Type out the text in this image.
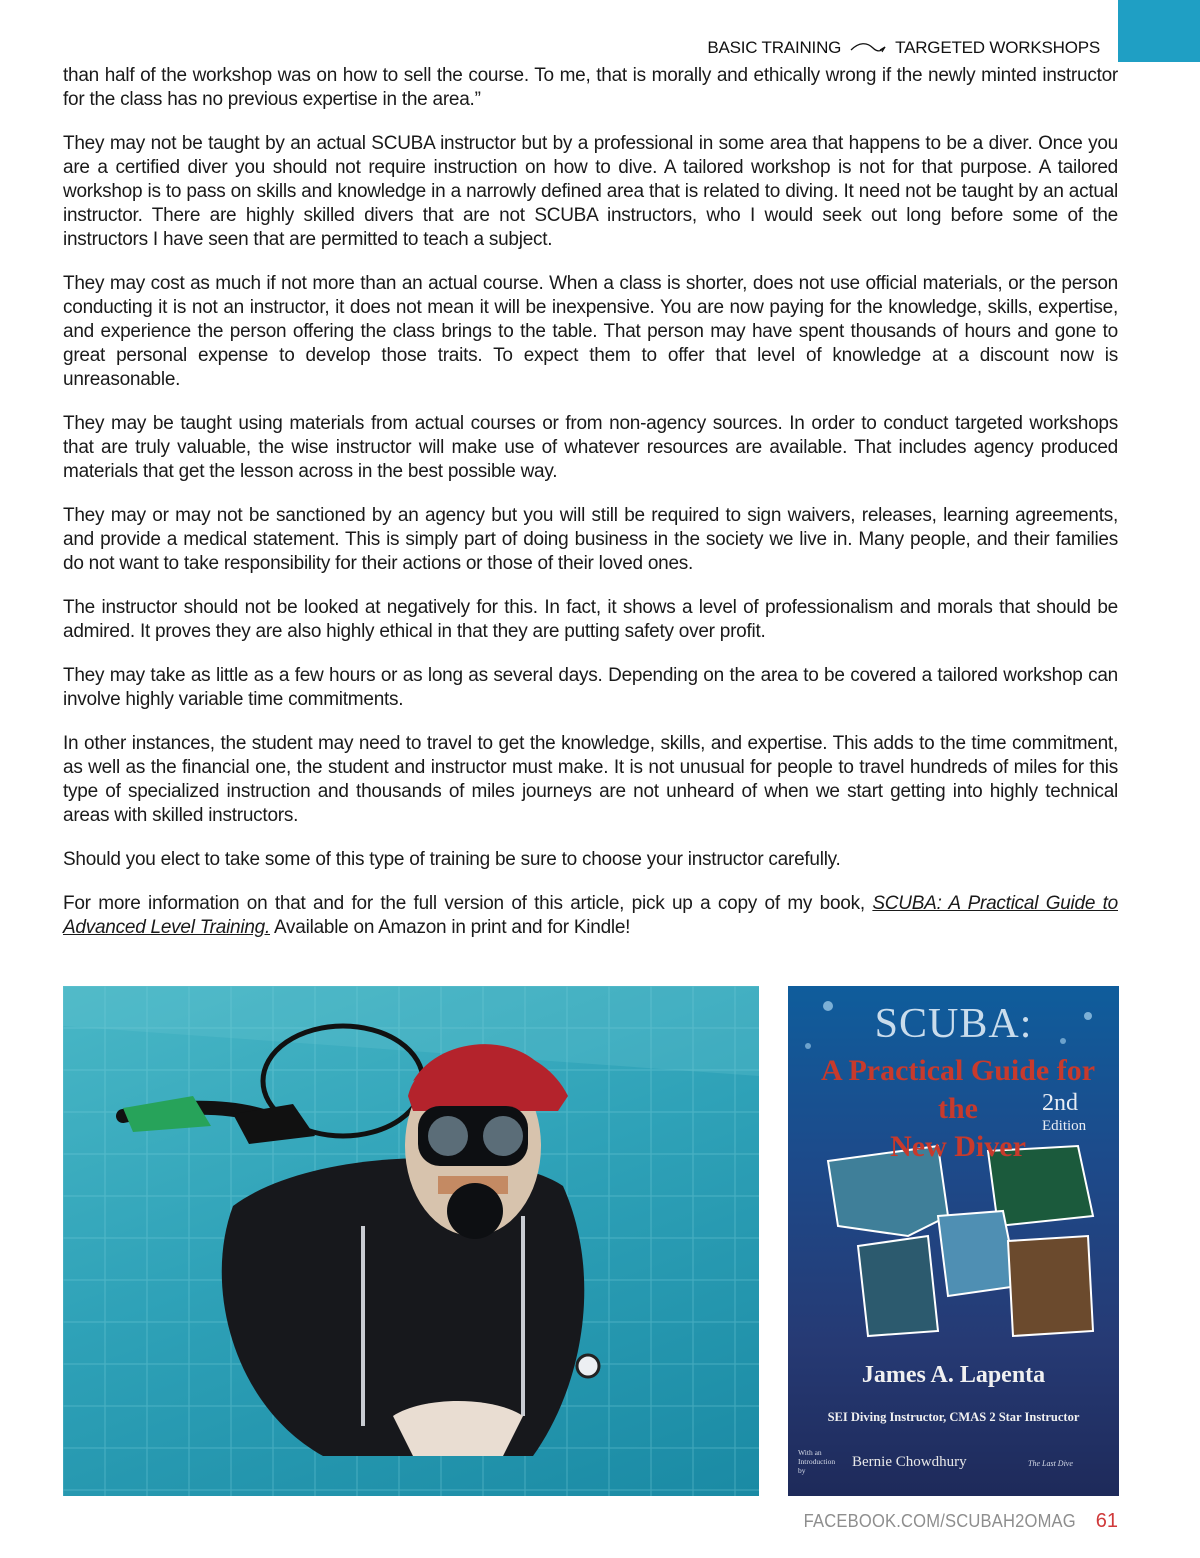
BASIC TRAINING	TARGETED WORKSHOPS

than half of the workshop was on how to sell the course. To me, that is morally and ethically wrong if the newly minted instructor for the class has no previous expertise in the area.”

They may not be taught by an actual SCUBA instructor but by a professional in some area that happens to be a diver. Once you are a certified diver you should not require instruction on how to dive. A tailored workshop is not for that purpose. A tailored workshop is to pass on skills and knowledge in a narrowly defined area that is related to diving. It need not be taught by an actual instructor. There are highly skilled divers that are not SCUBA instructors, who I would seek out long before some of the instructors I have seen that are permitted to teach a subject.

They may cost as much if not more than an actual course. When a class is shorter, does not use official materials, or the person conducting it is not an instructor, it does not mean it will be inexpensive. You are now paying for the knowledge, skills, expertise, and experience the person offering the class brings to the table. That person may have spent thousands of hours and gone to great personal expense to develop those traits. To expect them to offer that level of knowledge at a discount now is unreasonable.

They may be taught using materials from actual courses or from non-agency sources. In order to conduct targeted workshops that are truly valuable, the wise instructor will make use of whatever resources are available. That includes agency produced materials that get the lesson across in the best possible way.

They may or may not be sanctioned by an agency but you will still be required to sign waivers, releases, learning agreements, and provide a medical statement. This is simply part of doing business in the society we live in. Many people, and their families do not want to take responsibility for their actions or those of their loved ones.

The instructor should not be looked at negatively for this. In fact, it shows a level of professionalism and morals that should be admired. It proves they are also highly ethical in that they are putting safety over profit.

They may take as little as a few hours or as long as several days. Depending on the area to be covered a tailored workshop can involve highly variable time commitments.

In other instances, the student may need to travel to get the knowledge, skills, and expertise. This adds to the time commitment, as well as the financial one, the student and instructor must make. It is not unusual for people to travel hundreds of miles for this type of specialized instruction and thousands of miles journeys are not unheard of when we start getting into highly technical areas with skilled instructors.

Should you elect to take some of this type of training be sure to choose your instructor carefully.

For more information on that and for the full version of this article, pick up a copy of my book, SCUBA: A Practical Guide to Advanced Level Training. Available on Amazon in print and for Kindle!

SCUBA:
A Practical Guide for
the
New Diver
2nd
Edition
James A. Lapenta
SEI Diving Instructor, CMAS 2 Star Instructor
With an Introduction by
Bernie Chowdhury	The Last Dive
FACEBOOK.COM/SCUBAH2OMAG 61
